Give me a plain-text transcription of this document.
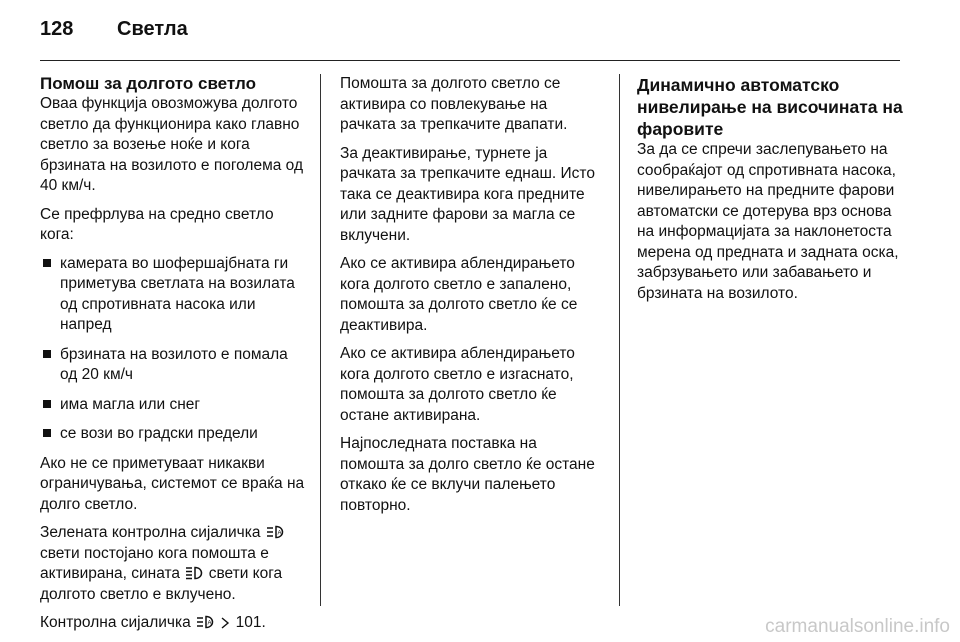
128 Светла
Помош за долгото светло

Оваа функција овозможува долгото светло да функционира како главно светло за возење ноќе и кога брзината на возилото е поголема од 40 км/ч.

Се префрлува на средно светло кога:

камерата во шофершајбната ги приметува светлата на возилата од спротивната насока или напред
брзината на возилото е помала од 20 км/ч
има магла или снег
се вози во градски предели

Ако не се приметуваат никакви ограничувања, системот се враќа на долго светло.

Зелената контролна сијаличка	A
свети постојано кога помошта е активирана, сината свети кога долгото светло е вклучено.

Контролна сијаличка	A 101.

Помошта за долгото светло се активира со повлекување на рачката за трепкачите двапати.

За деактивирање, турнете ја рачката за трепкачите еднаш. Исто така се деактивира кога предните или задните фарови за магла се вклучени.

Ако се активира аблендирањето кога долгото светло е запалено, помошта за долгото светло ќе се деактивира.

Ако се активира аблендирањето кога долгото светло е изгаснато, помошта за долгото светло ќе остане активирана.

Најпоследната поставка на помошта за долго светло ќе остане откако ќе се вклучи палењето повторно.

Динамично автоматско нивелирање на височината на фаровите

За да се спречи заслепувањето на сообраќајот од спротивната насока, нивелирањето на предните фарови автоматски се дотерува врз основа на информацијата за наклонетоста мерена од предната и задната оска, забрзувањето или забавањето и брзината на возилото.

carmanualsonline.info
